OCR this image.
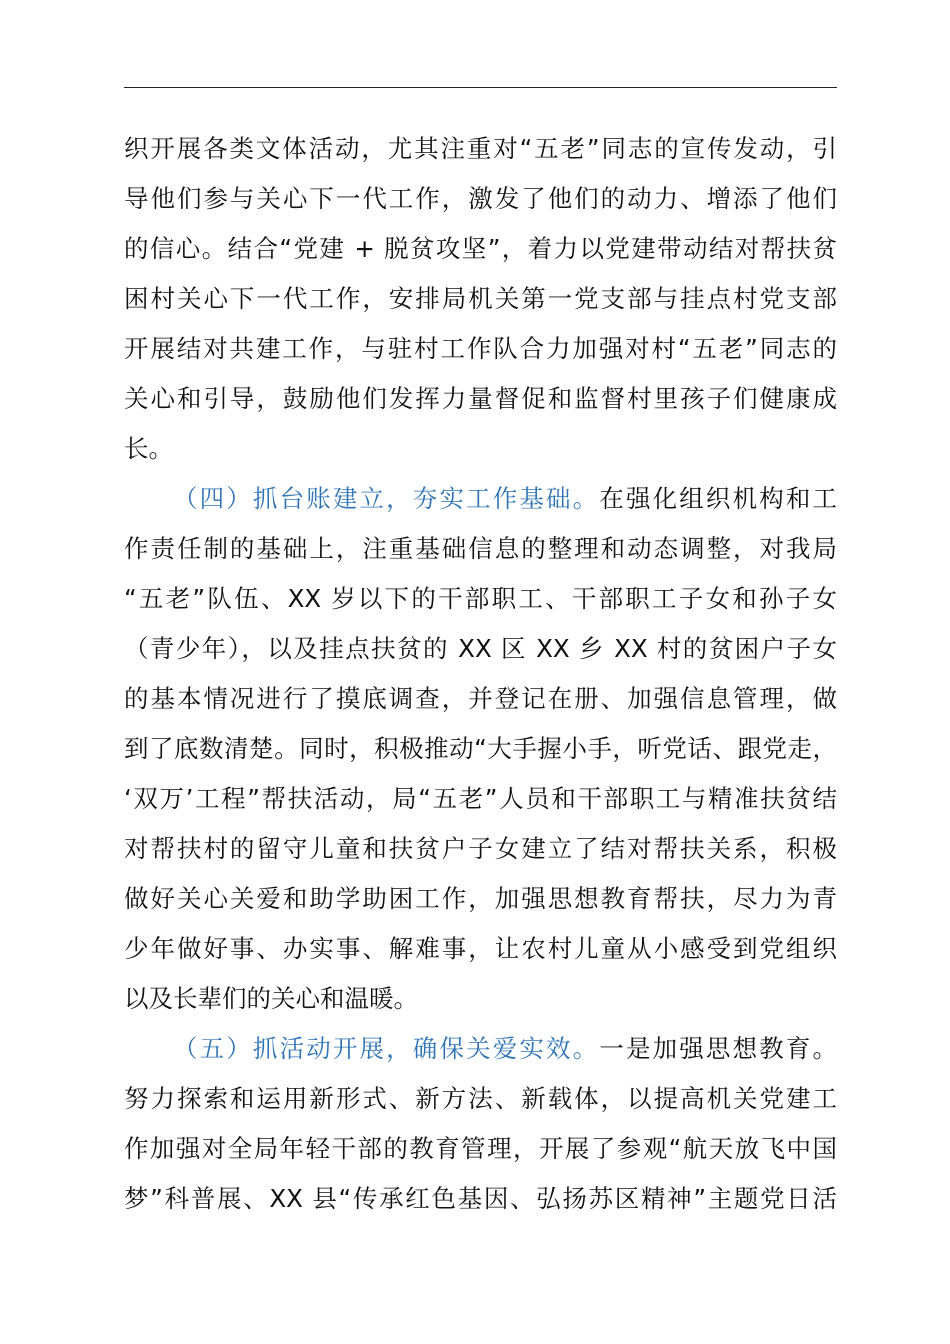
织开展各类文体活动，尤其注重对“五老”同志的宣传发动，引
导他们参与关心下一代工作，激发了他们的动力、增添了他们
的信心。结合“党建 + 脱贫攻坚”，着力以党建带动结对帮扶贫
困村关心下一代工作，安排局机关第一党支部与挂点村党支部
开展结对共建工作，与驻村工作队合力加强对村“五老”同志的
关心和引导，鼓励他们发挥力量督促和监督村里孩子们健康成
长。
（四）抓台账建立，夯实工作基础。在强化组织机构和工
作责任制的基础上，注重基础信息的整理和动态调整，对我局
“五老”队伍、XX 岁以下的干部职工、干部职工子女和孙子女
（青少年），以及挂点扶贫的 XX 区 XX 乡 XX 村的贫困户子女
的基本情况进行了摸底调查，并登记在册、加强信息管理，做
到了底数清楚。同时，积极推动“大手握小手，听党话、跟党走，
‘双万’工程”帮扶活动，局“五老”人员和干部职工与精准扶贫结
对帮扶村的留守儿童和扶贫户子女建立了结对帮扶关系，积极
做好关心关爱和助学助困工作，加强思想教育帮扶，尽力为青
少年做好事、办实事、解难事，让农村儿童从小感受到党组织
以及长辈们的关心和温暖。
（五）抓活动开展，确保关爱实效。一是加强思想教育。
努力探索和运用新形式、新方法、新载体，以提高机关党建工
作加强对全局年轻干部的教育管理，开展了参观“航天放飞中国
梦”科普展、XX 县“传承红色基因、弘扬苏区精神”主题党日活
